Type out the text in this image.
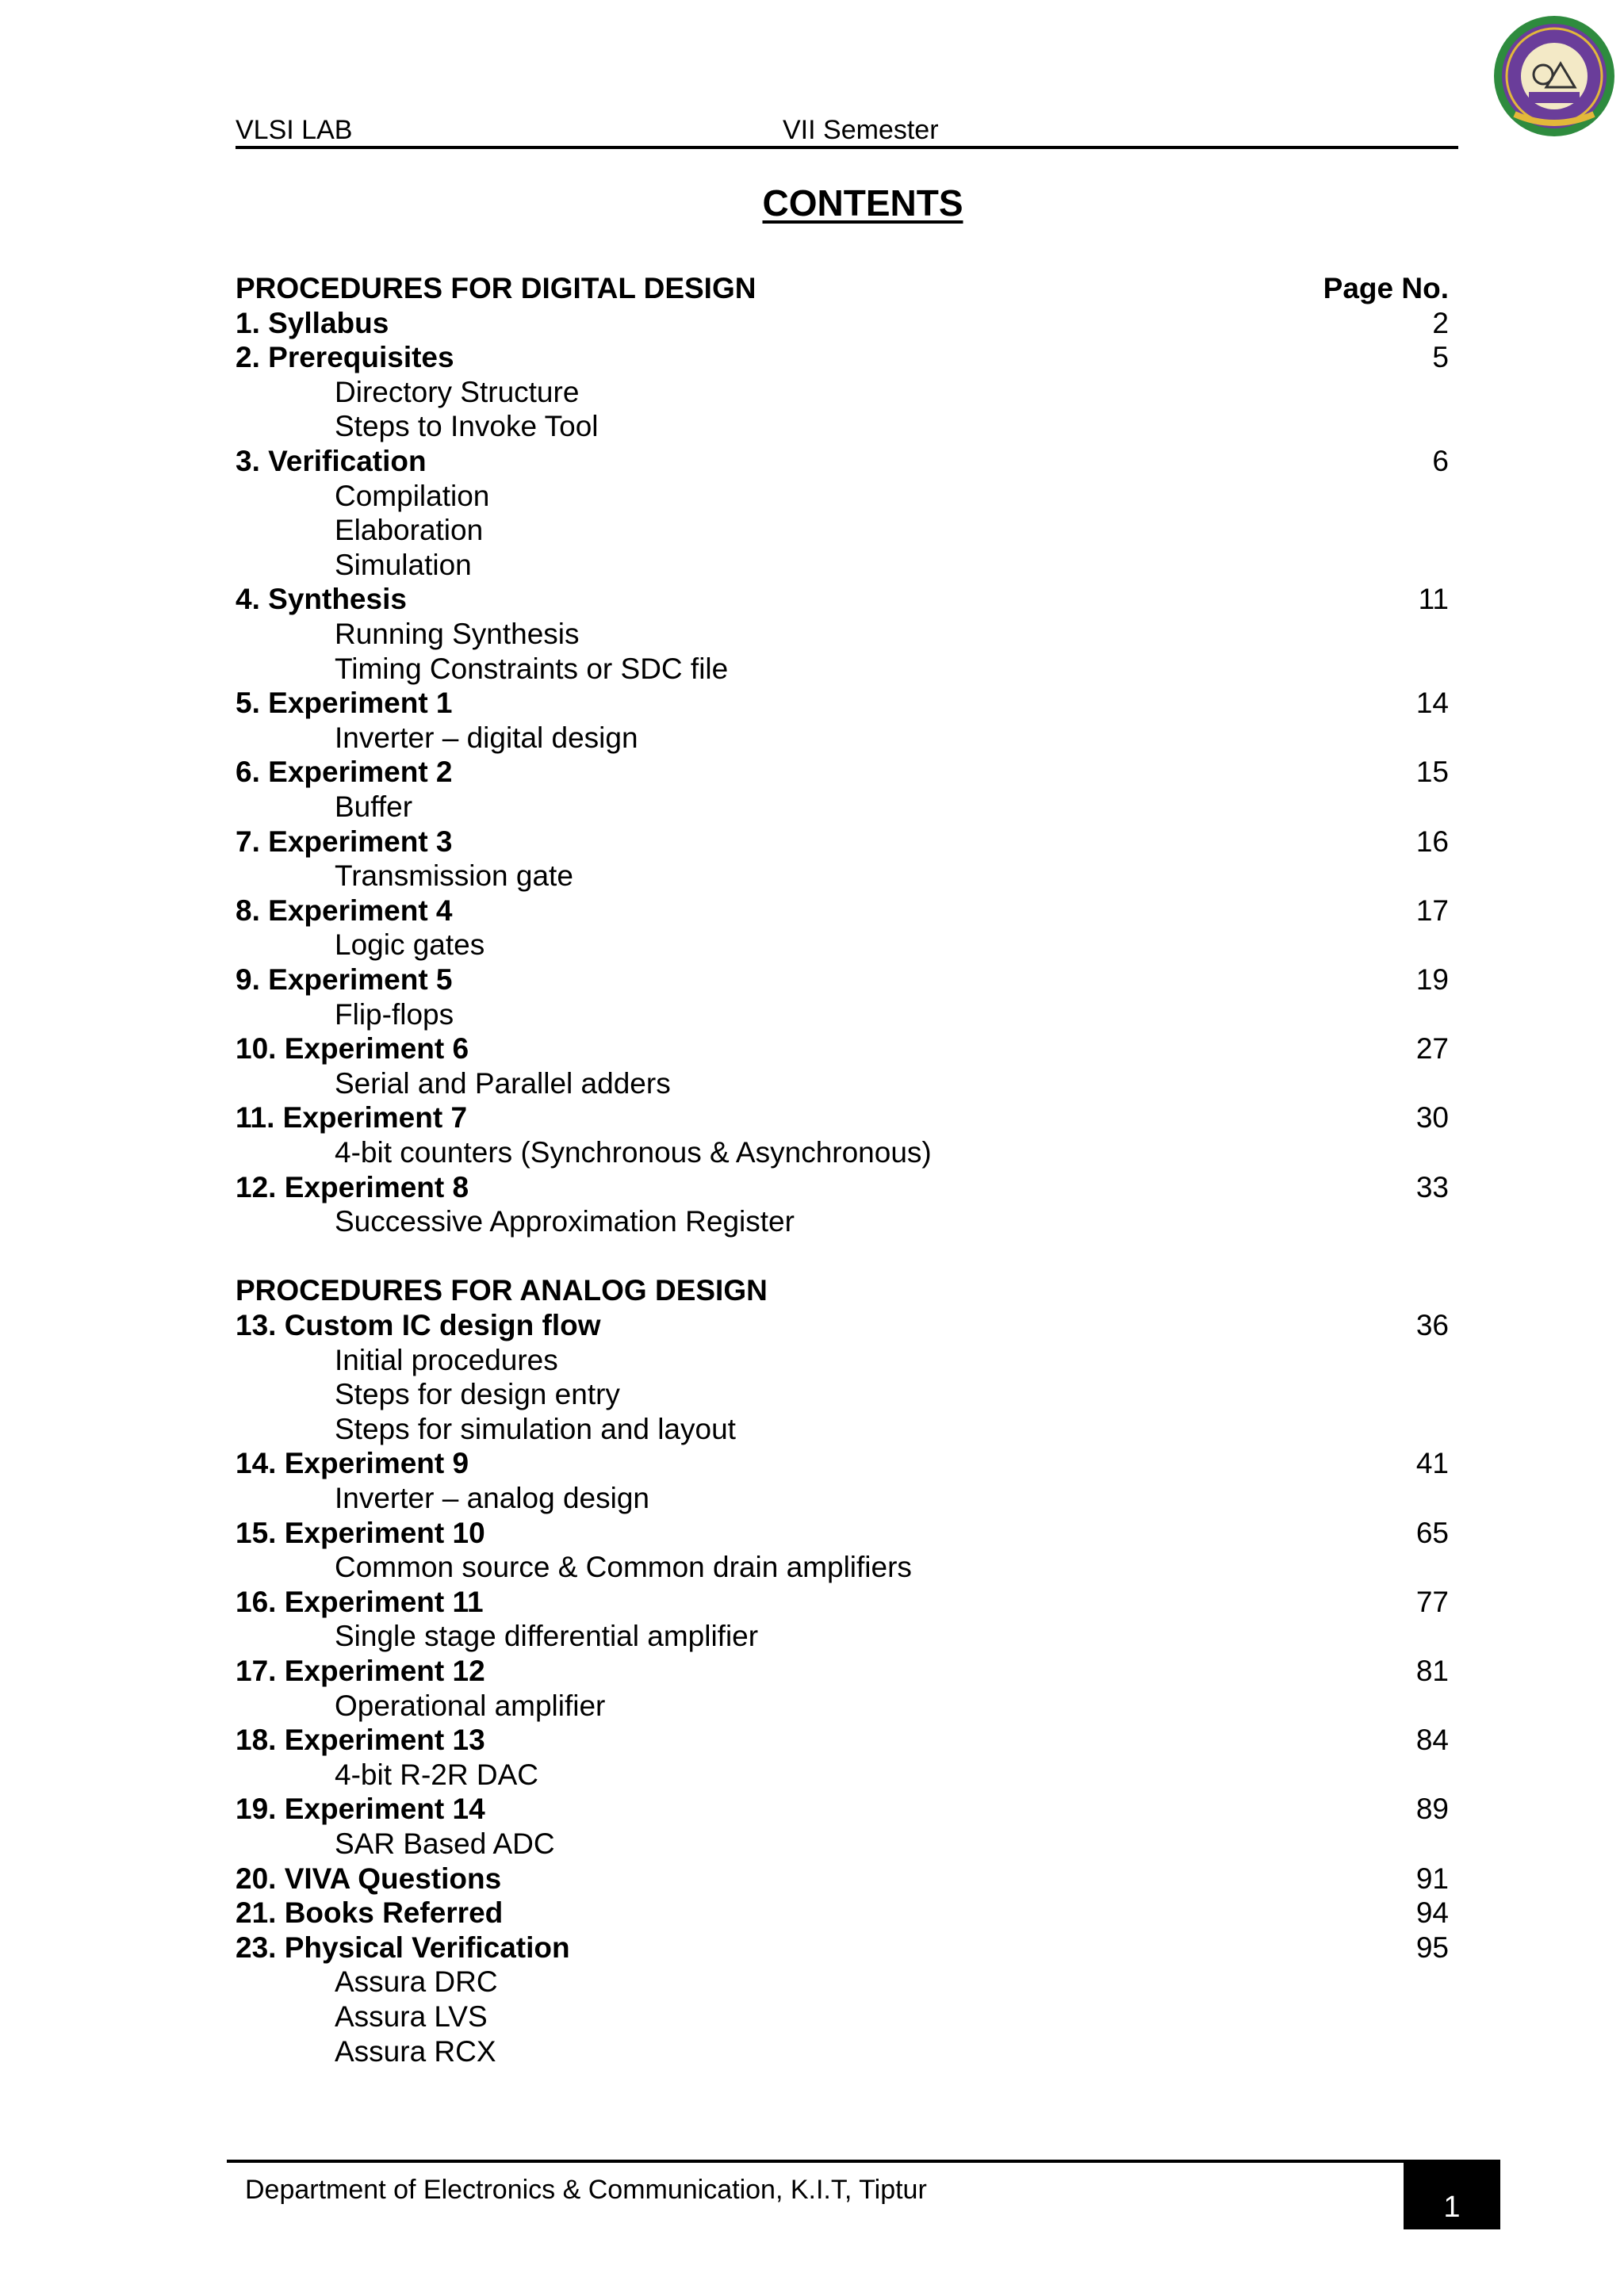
VLSI LAB	VII Semester
CONTENTS
PROCEDURES FOR DIGITAL DESIGN	Page No.
1. Syllabus	2
2. Prerequisites	5
Directory Structure
Steps to Invoke Tool
3. Verification	6
Compilation
Elaboration
Simulation
4. Synthesis	11
Running Synthesis
Timing Constraints or SDC file
5. Experiment 1	14
Inverter – digital design
6. Experiment 2	15
Buffer
7. Experiment 3	16
Transmission gate
8. Experiment 4	17
Logic gates
9. Experiment 5	19
Flip-flops
10. Experiment 6	27
Serial and Parallel adders
11. Experiment 7	30
4-bit counters (Synchronous & Asynchronous)
12. Experiment 8	33
Successive Approximation Register
PROCEDURES FOR ANALOG DESIGN
13. Custom IC design flow	36
Initial procedures
Steps for design entry
Steps for simulation and layout
14. Experiment 9	41
Inverter – analog design
15. Experiment 10	65
Common source & Common drain amplifiers
16. Experiment 11	77
Single stage differential amplifier
17. Experiment 12	81
Operational amplifier
18. Experiment 13	84
4-bit R-2R DAC
19. Experiment 14	89
SAR Based ADC
20. VIVA Questions	91
21. Books Referred	94
23. Physical Verification	95
Assura DRC
Assura LVS
Assura RCX
Department of Electronics & Communication, K.I.T, Tiptur
1
